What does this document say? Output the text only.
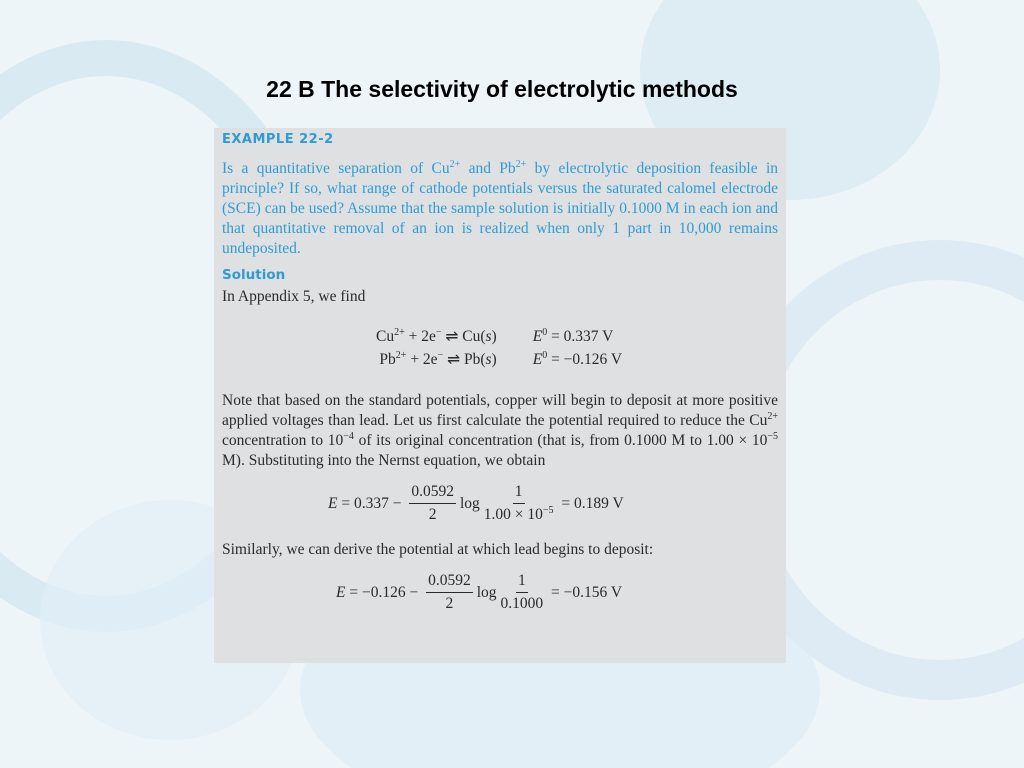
22 B The selectivity of electrolytic methods
EXAMPLE 22-2
Is a quantitative separation of $Cu^{2+}$ and $Pb^{2+}$ by electrolytic deposition feasible in principle? If so, what range of cathode potentials versus the saturated calomel electrode (SCE) can be used? Assume that the sample solution is initially 0.1000 M in each ion and that quantitative removal of an ion is realized when only 1 part in 10,000 remains undeposited.
Solution
In Appendix 5, we find
$Cu^{2+} + 2e^-$ ⇌ Cu(s)	$E^0 = 0.337$ V
$Pb^{2+} + 2e^-$ ⇌ Pb(s)	$E^0 = -0.126$ V
Note that based on the standard potentials, copper will begin to deposit at more positive applied voltages than lead. Let us first calculate the potential required to reduce the $Cu^{2+}$ concentration to $10^{-4}$ of its original concentration (that is, from 0.1000 M to $1.00 \times 10^{-5}$ M). Substituting into the Nernst equation, we obtain
$E = 0.337 - \frac{0.0592}{2}$ $\log \frac{1}{1.00 \times 10^{-5}} = 0.189$ V
Similarly, we can derive the potential at which lead begins to deposit:
$E = -0.126 - \frac{0.0592}{2}$ $\log \frac{1}{0.1000} = -0.156$ V
